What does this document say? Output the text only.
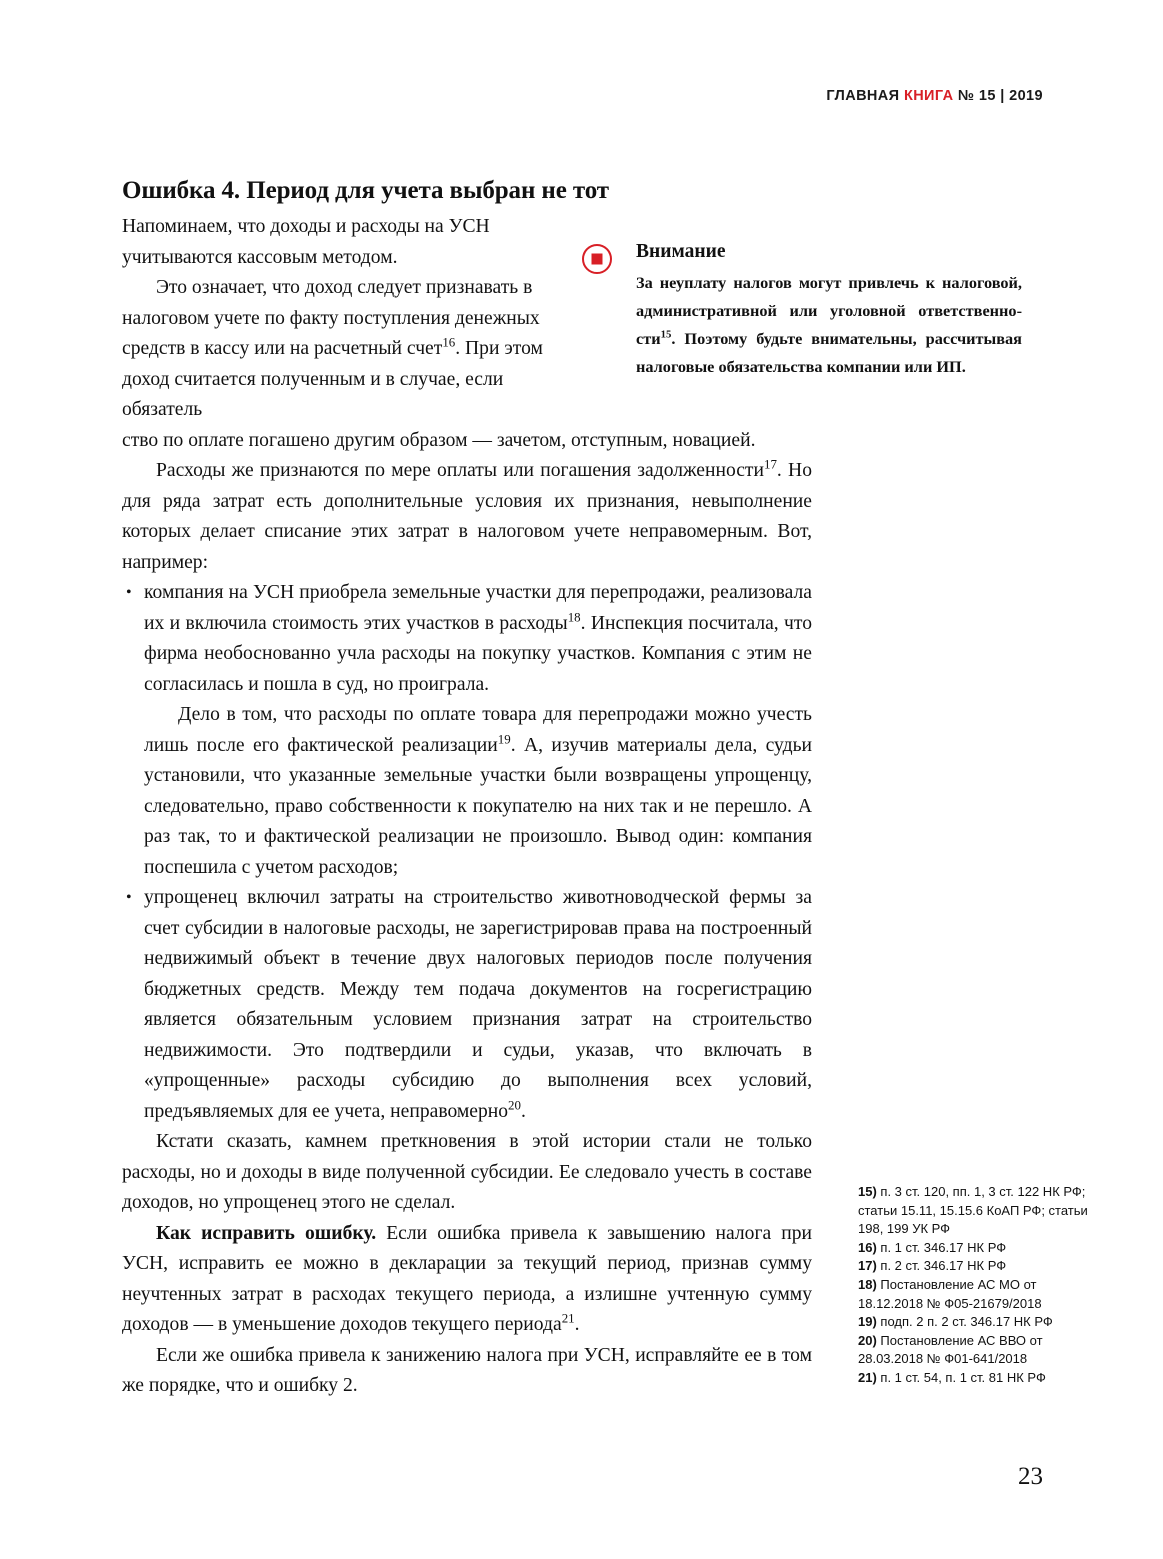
ГЛАВНАЯ КНИГА № 15 | 2019
Ошибка 4. Период для учета выбран не тот

Напоминаем, что доходы и расходы на УСН учитываются кассовым методом.

Это означает, что доход следует признавать в налоговом учете по факту поступления денежных средств в кассу или на расчетный счет$^{16}$. При этом доход считается полученным и в случае, если обязатель

ство по оплате погашено другим образом — зачетом, отступным, новацией.

Расходы же признаются по мере оплаты или погашения задолженности$^{17}$. Но для ряда затрат есть дополнительные условия их признания, невыполнение которых делает списание этих затрат в налоговом учете неправомерным. Вот, например:

• компания на УСН приобрела земельные участки для перепродажи, реализовала их и включила стоимость этих участков в расходы$^{18}$. Инспекция посчитала, что фирма необоснованно учла расходы на покупку участков. Компания с этим не согласилась и пошла в суд, но проиграла.

Дело в том, что расходы по оплате товара для перепродажи можно учесть лишь после его фактической реализации$^{19}$. А, изучив материалы дела, судьи установили, что указанные земельные участки были возвращены упрощенцу, следовательно, право собственности к покупателю на них так и не перешло. А раз так, то и фактической реализации не произошло. Вывод один: компания поспешила с учетом расходов;

• упрощенец включил затраты на строительство животноводческой фермы за счет субсидии в налоговые расходы, не зарегистрировав права на построенный недвижимый объект в течение двух налоговых периодов после получения бюджетных средств. Между тем подача документов на госрегистрацию является обязательным условием признания затрат на строительство недвижимости. Это подтвердили и судьи, указав, что включать в «упрощенные» расходы субсидию до выполнения всех условий, предъявляемых для ее учета, неправомерно$^{20}$.

Кстати сказать, камнем преткновения в этой истории стали не только расходы, но и доходы в виде полученной субсидии. Ее следовало учесть в составе доходов, но упрощенец этого не сделал.

Как исправить ошибку. Если ошибка привела к завышению налога при УСН, исправить ее можно в декларации за текущий период, признав сумму неучтенных затрат в расходах текущего периода, а излишне учтенную сумму доходов — в уменьшение доходов текущего периода$^{21}$.

Если же ошибка привела к занижению налога при УСН, исправляйте ее в том же порядке, что и ошибку 2.

Внимание
За неуплату налогов могут привлечь к налоговой, административной или уголовной ответственности$^{15}$. Поэтому будьте внимательны, рассчитывая налоговые обязательства компании или ИП.

15) п. 3 ст. 120, пп. 1, 3 ст. 122 НК РФ; статьи 15.11, 15.15.6 КоАП РФ; статьи 198, 199 УК РФ

16) п. 1 ст. 346.17 НК РФ

17) п. 2 ст. 346.17 НК РФ

18) Постановление АС МО от 18.12.2018 № Ф05-21679/2018

19) подп. 2 п. 2 ст. 346.17 НК РФ

20) Постановление АС ВВО от 28.03.2018 № Ф01-641/2018

21) п. 1 ст. 54, п. 1 ст. 81 НК РФ

23
